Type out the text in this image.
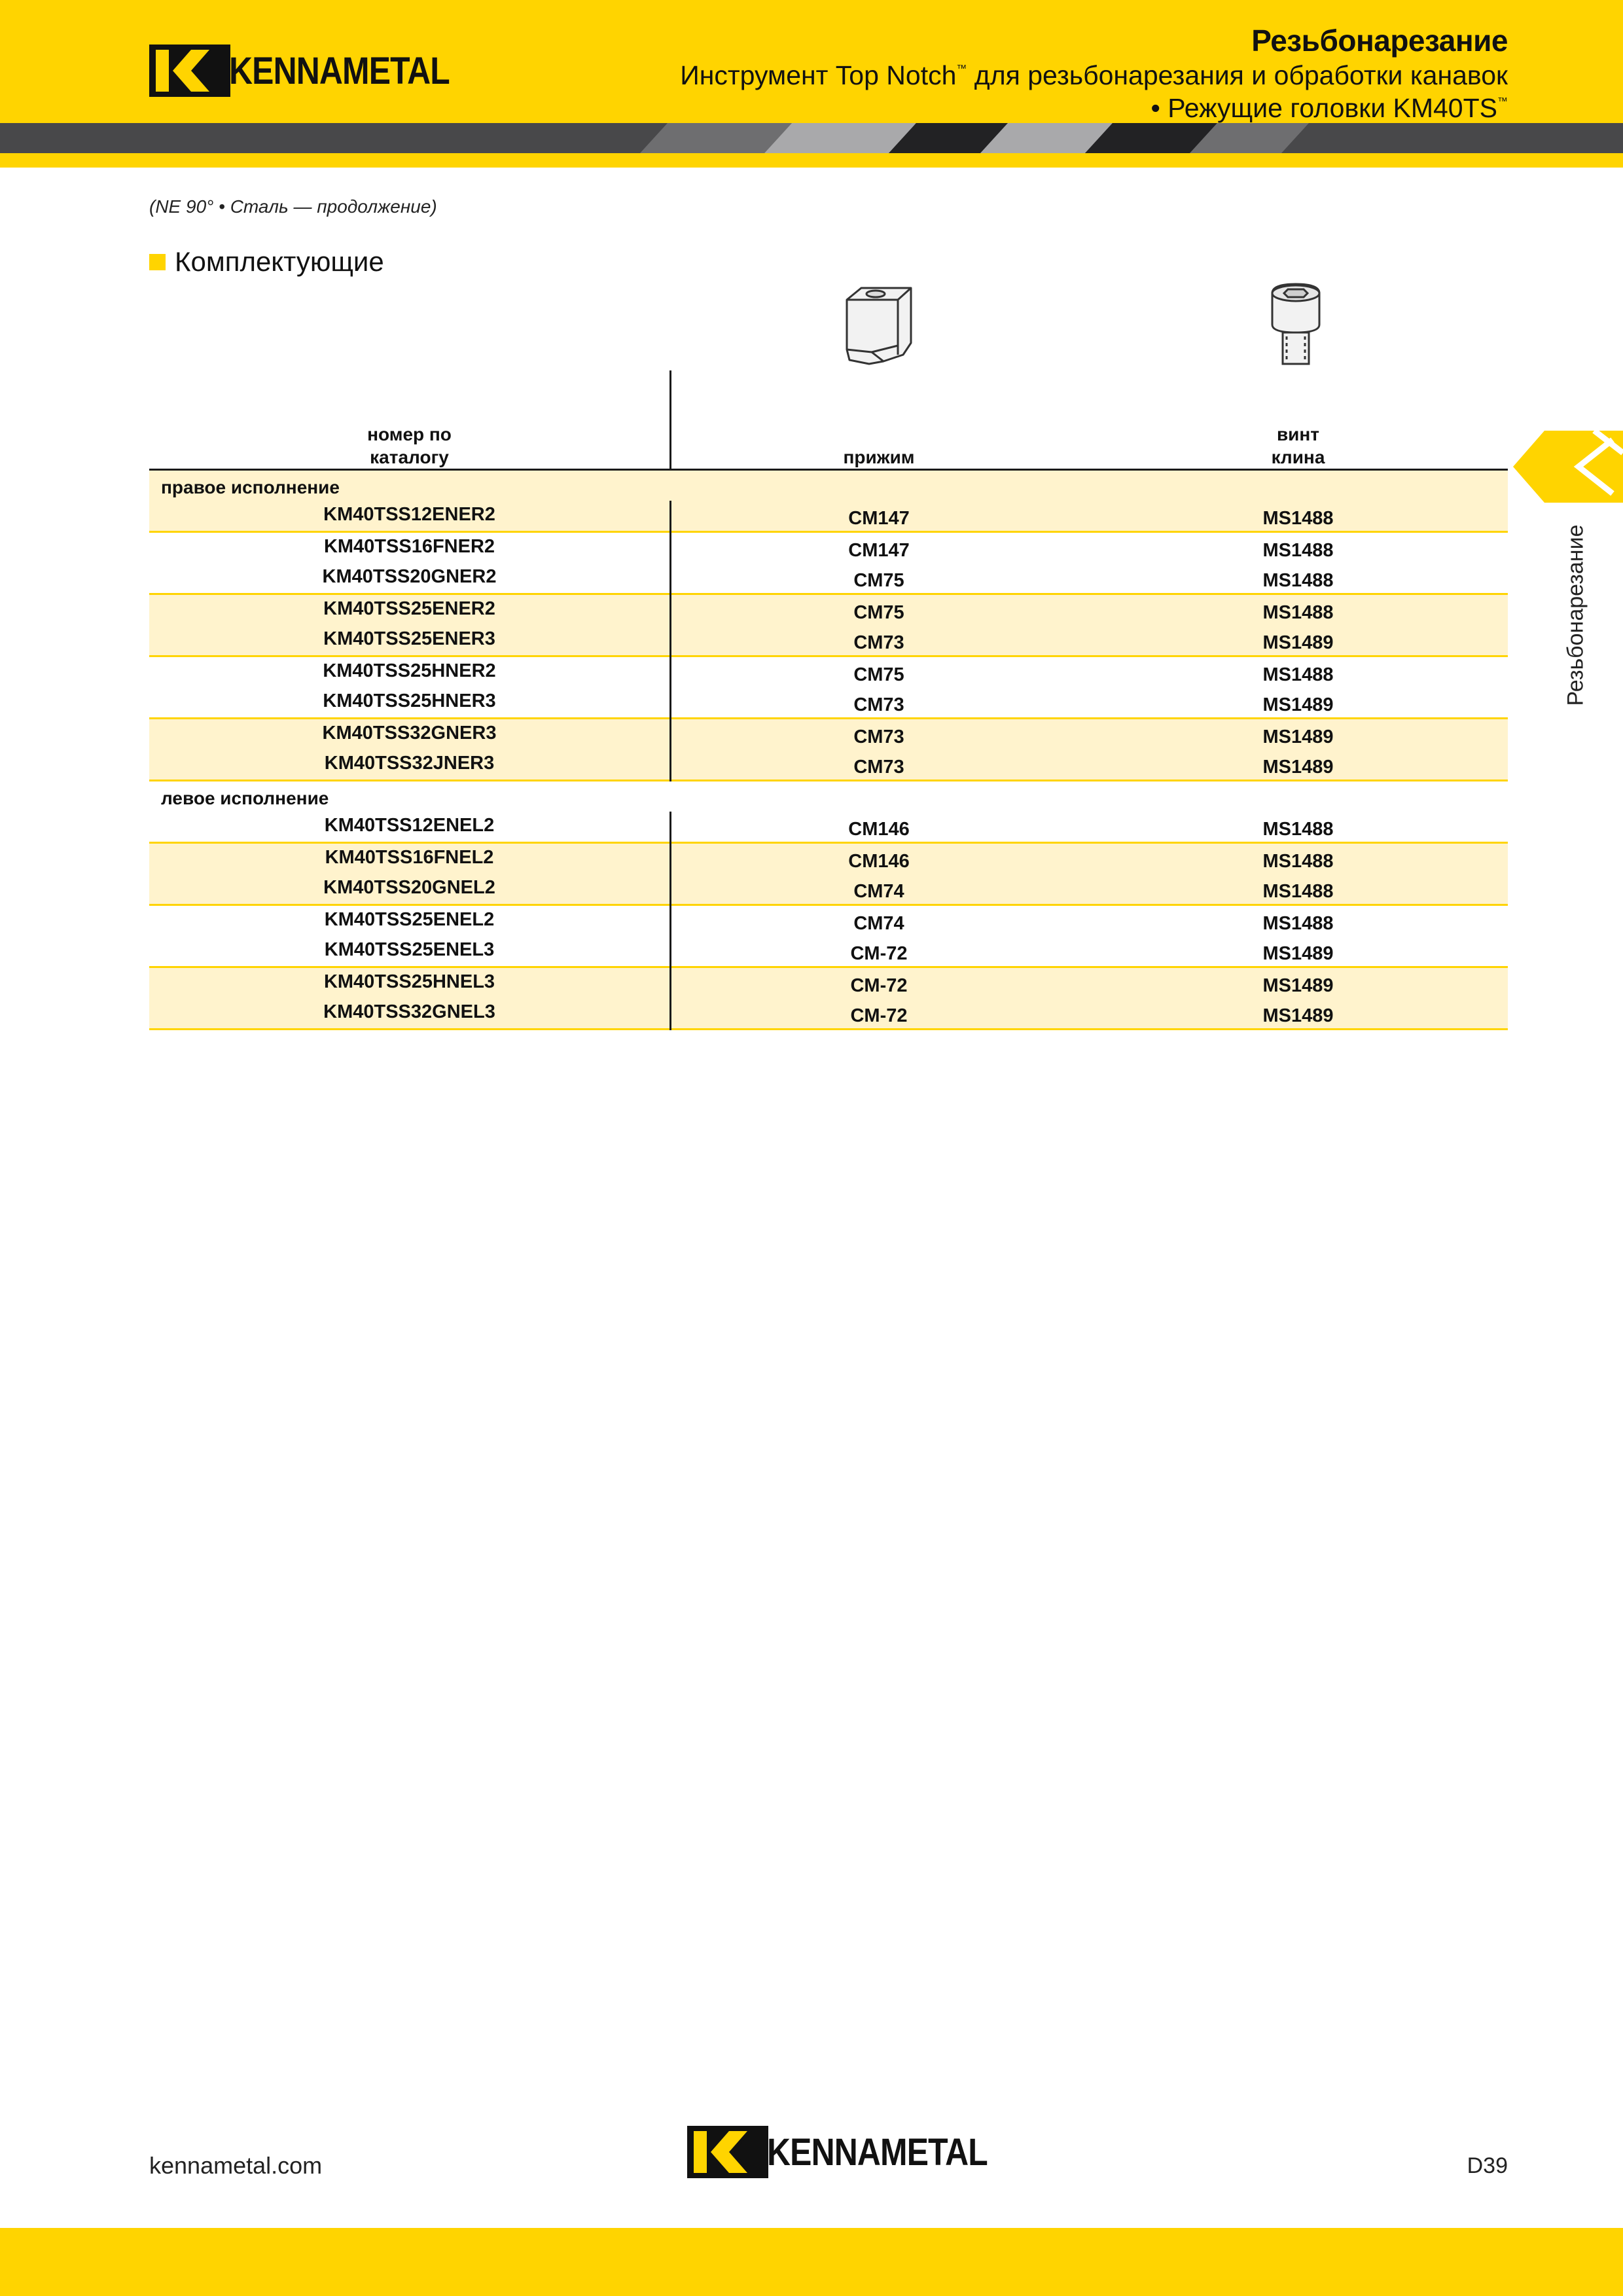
KENNAMETAL
Резьбонарезание
Инструмент Top Notch™ для резьбонарезания и обработки канавок
• Режущие головки KM40TS™
Резьбонарезание
(NE 90° • Сталь — продолжение)
Комплектующие
номер по
каталогу	прижим
винт
клина
правое исполнение
KM40TSS12ENER2	CM147	MS1488
KM40TSS16FNER2	CM147	MS1488
KM40TSS20GNER2	CM75	MS1488
KM40TSS25ENER2	CM75	MS1488
KM40TSS25ENER3	CM73	MS1489
KM40TSS25HNER2	CM75	MS1488
KM40TSS25HNER3	CM73	MS1489
KM40TSS32GNER3	CM73	MS1489
KM40TSS32JNER3	CM73	MS1489
левое исполнение
KM40TSS12ENEL2	CM146	MS1488
KM40TSS16FNEL2	CM146	MS1488
KM40TSS20GNEL2	CM74	MS1488
KM40TSS25ENEL2	CM74	MS1488
KM40TSS25ENEL3	CM-72	MS1489
KM40TSS25HNEL3	CM-72	MS1489
KM40TSS32GNEL3	CM-72	MS1489
kennametal.com	KENNAMETAL	D39
